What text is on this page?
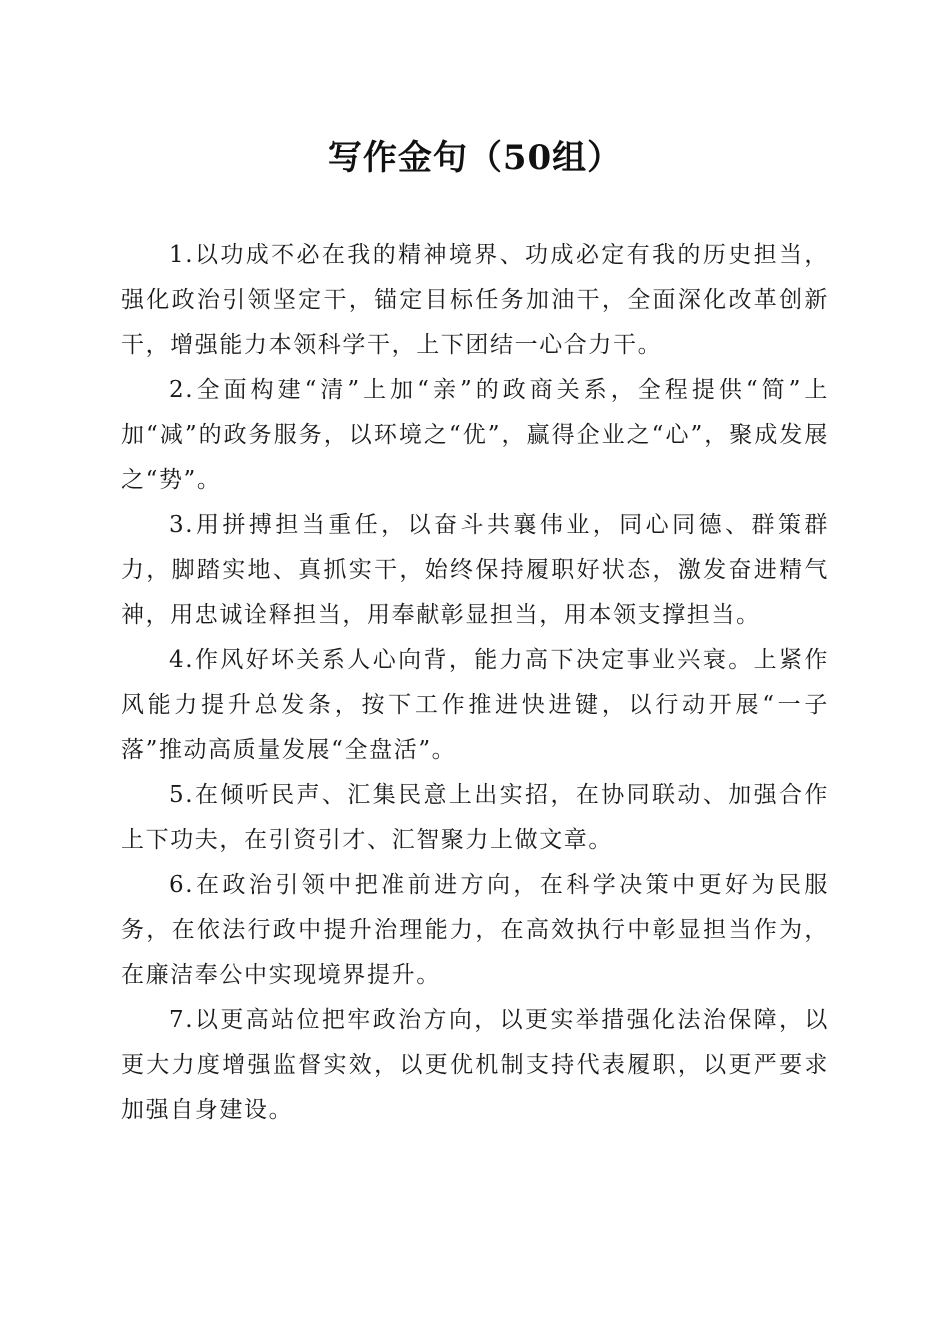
写作金句（50组）

1.以功成不必在我的精神境界、功成必定有我的历史担当，强化政治引领坚定干，锚定目标任务加油干，全面深化改革创新干，增强能力本领科学干，上下团结一心合力干。

2.全面构建“清”上加“亲”的政商关系，全程提供“简”上加“减”的政务服务，以环境之“优”，赢得企业之“心”，聚成发展之“势”。

3.用拼搏担当重任，以奋斗共襄伟业，同心同德、群策群力，脚踏实地、真抓实干，始终保持履职好状态，激发奋进精气神，用忠诚诠释担当，用奉献彰显担当，用本领支撑担当。

4.作风好坏关系人心向背，能力高下决定事业兴衰。上紧作风能力提升总发条，按下工作推进快进键，以行动开展“一子落”推动高质量发展“全盘活”。

5.在倾听民声、汇集民意上出实招，在协同联动、加强合作上下功夫，在引资引才、汇智聚力上做文章。

6.在政治引领中把准前进方向，在科学决策中更好为民服务，在依法行政中提升治理能力，在高效执行中彰显担当作为，在廉洁奉公中实现境界提升。

7.以更高站位把牢政治方向，以更实举措强化法治保障，以更大力度增强监督实效，以更优机制支持代表履职，以更严要求加强自身建设。
